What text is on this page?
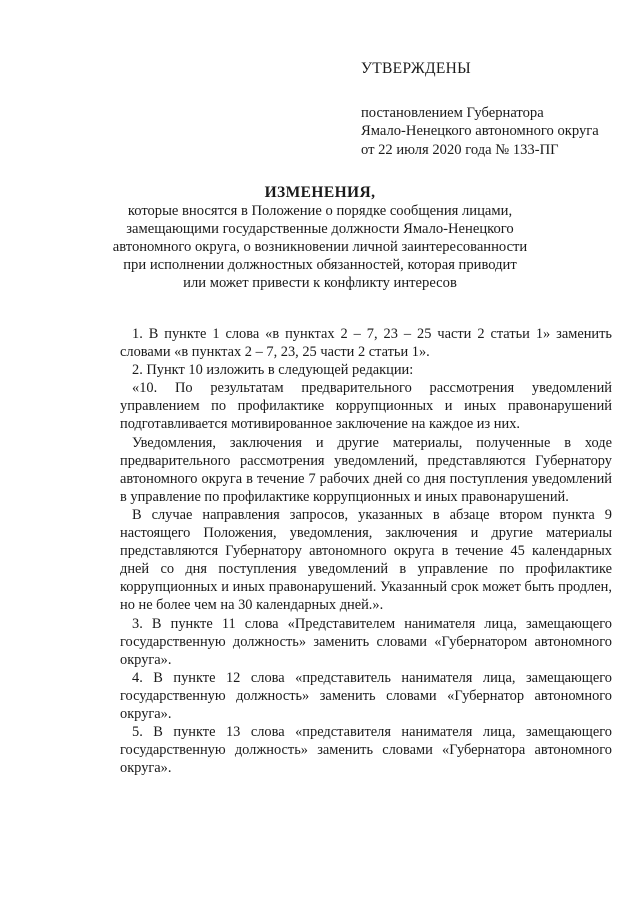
УТВЕРЖДЕНЫ
постановлением Губернатора
Ямало-Ненецкого автономного округа
от 22 июля 2020 года № 133-ПГ
ИЗМЕНЕНИЯ,
которые вносятся в Положение о порядке сообщения лицами,
замещающими государственные должности Ямало-Ненецкого
автономного округа, о возникновении личной заинтересованности
при исполнении должностных обязанностей, которая приводит
или может привести к конфликту интересов
1. В пункте 1 слова «в пунктах 2 – 7, 23 – 25 части 2 статьи 1» заменить
словами «в пунктах 2 – 7, 23, 25 части 2 статьи 1».
2. Пункт 10 изложить в следующей редакции:
«10. По результатам предварительного рассмотрения уведомлений
управлением по профилактике коррупционных и иных правонарушений
подготавливается мотивированное заключение на каждое из них.
Уведомления, заключения и другие материалы, полученные в ходе
предварительного рассмотрения уведомлений, представляются Губернатору
автономного округа в течение 7 рабочих дней со дня поступления уведомлений
в управление по профилактике коррупционных и иных правонарушений.
В случае направления запросов, указанных в абзаце втором пункта 9
настоящего Положения, уведомления, заключения и другие материалы
представляются Губернатору автономного округа в течение 45 календарных
дней со дня поступления уведомлений в управление по профилактике
коррупционных и иных правонарушений. Указанный срок может быть продлен,
но не более чем на 30 календарных дней.».
3. В пункте 11 слова «Представителем нанимателя лица, замещающего
государственную должность» заменить словами «Губернатором автономного
округа».
4. В пункте 12 слова «представитель нанимателя лица, замещающего
государственную должность» заменить словами «Губернатор автономного
округа».
5. В пункте 13 слова «представителя нанимателя лица, замещающего
государственную должность» заменить словами «Губернатора автономного
округа».
